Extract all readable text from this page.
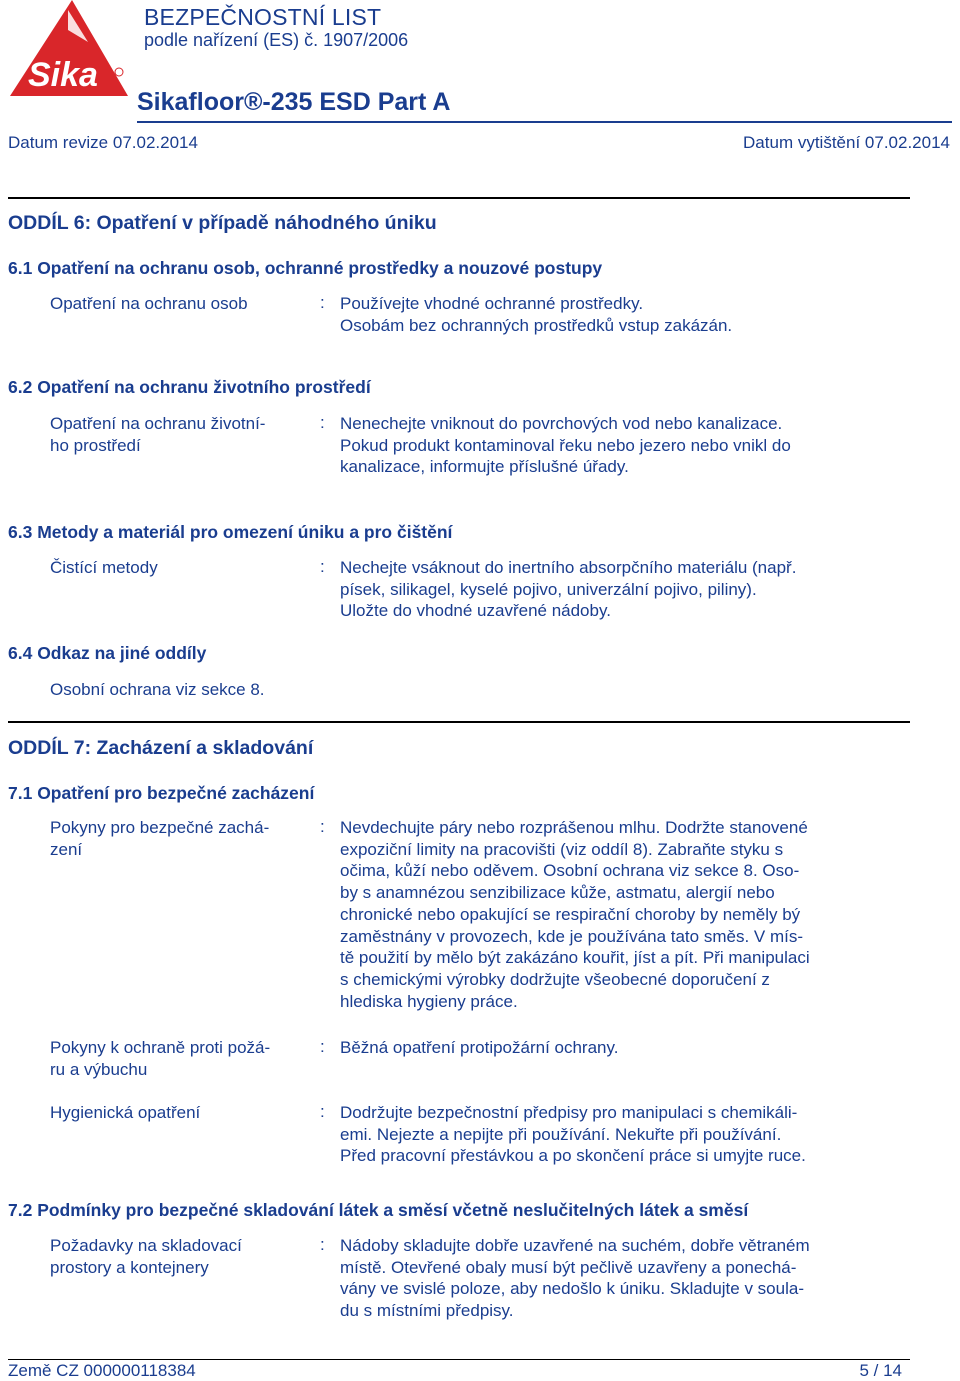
Sika
BEZPEČNOSTNÍ LIST
podle nařízení (ES) č. 1907/2006
Sikafloor®-235 ESD Part A
Datum revize 07.02.2014	Datum vytištění 07.02.2014
ODDÍL 6: Opatření v případě náhodného úniku
6.1 Opatření na ochranu osob, ochranné prostředky a nouzové postupy
Opatření na ochranu osob	: Používejte vhodné ochranné prostředky.
Osobám bez ochranných prostředků vstup zakázán.
6.2 Opatření na ochranu životního prostředí
Opatření na ochranu životní-
ho prostředí
: Nenechejte vniknout do povrchových vod nebo kanalizace.
Pokud produkt kontaminoval řeku nebo jezero nebo vnikl do
kanalizace, informujte příslušné úřady.
6.3 Metody a materiál pro omezení úniku a pro čištění
Čistící metody	: Nechejte vsáknout do inertního absorpčního materiálu (např.
písek, silikagel, kyselé pojivo, univerzální pojivo, piliny).
Uložte do vhodné uzavřené nádoby.
6.4 Odkaz na jiné oddíly
Osobní ochrana viz sekce 8.
ODDÍL 7: Zacházení a skladování
7.1 Opatření pro bezpečné zacházení
Pokyny pro bezpečné zachá-
zení
: Nevdechujte páry nebo rozprášenou mlhu. Dodržte stanovené
expoziční limity na pracovišti (viz oddíl 8). Zabraňte styku s
očima, kůží nebo oděvem. Osobní ochrana viz sekce 8. Oso-
by s anamnézou senzibilizace kůže, astmatu, alergií nebo
chronické nebo opakující se respirační choroby by neměly bý
zaměstnány v provozech, kde je používána tato směs. V mís-
tě použití by mělo být zakázáno kouřit, jíst a pít. Při manipulaci
s chemickými výrobky dodržujte všeobecné doporučení z
hlediska hygieny práce.
Pokyny k ochraně proti požá-
ru a výbuchu
: Běžná opatření protipožární ochrany.
Hygienická opatření	: Dodržujte bezpečnostní předpisy pro manipulaci s chemikáli-
emi. Nejezte a nepijte při používání. Nekuřte při používání.
Před pracovní přestávkou a po skončení práce si umyjte ruce.
7.2 Podmínky pro bezpečné skladování látek a směsí včetně neslučitelných látek a směsí
Požadavky na skladovací
prostory a kontejnery
: Nádoby skladujte dobře uzavřené na suchém, dobře větraném
místě. Otevřené obaly musí být pečlivě uzavřeny a ponechá-
vány ve svislé poloze, aby nedošlo k úniku. Skladujte v soula-
du s místními předpisy.
Země CZ 000000118384	5 / 14
